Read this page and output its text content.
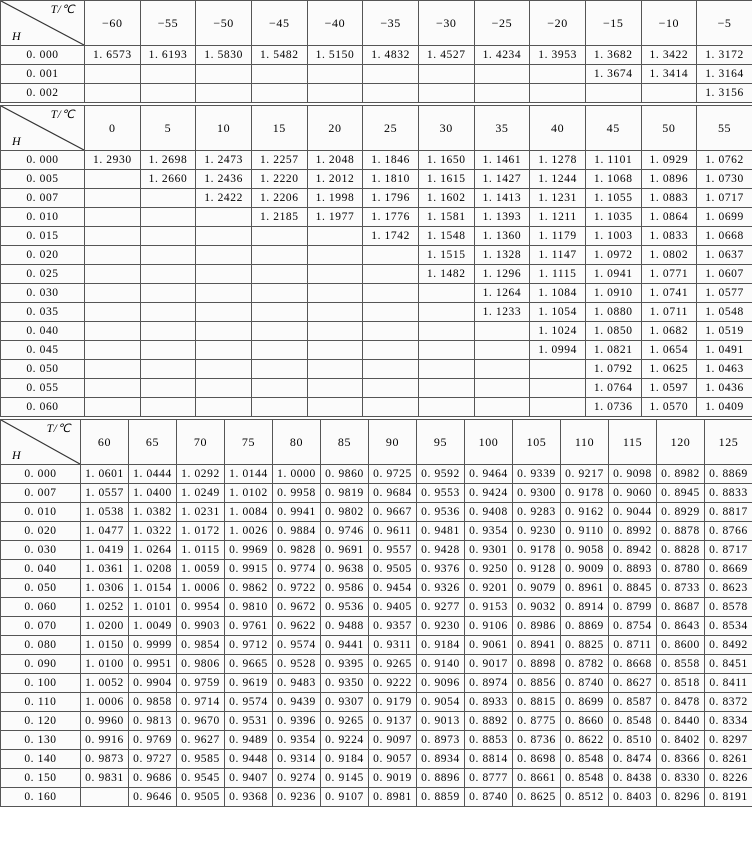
T/℃
H	−60	−55	−50	−45	−40	−35	−30	−25	−20	−15	−10	−5
0. 000	1. 6573	1. 6193	1. 5830	1. 5482	1. 5150	1. 4832	1. 4527	1. 4234	1. 3953	1. 3682	1. 3422	1. 3172
0. 001										1. 3674	1. 3414	1. 3164
0. 002												1. 3156
T/℃
H	0	5	10	15	20	25	30	35	40	45	50	55
0. 000	1. 2930	1. 2698	1. 2473	1. 2257	1. 2048	1. 1846	1. 1650	1. 1461	1. 1278	1. 1101	1. 0929	1. 0762
0. 005		1. 2660	1. 2436	1. 2220	1. 2012	1. 1810	1. 1615	1. 1427	1. 1244	1. 1068	1. 0896	1. 0730
0. 007			1. 2422	1. 2206	1. 1998	1. 1796	1. 1602	1. 1413	1. 1231	1. 1055	1. 0883	1. 0717
0. 010				1. 2185	1. 1977	1. 1776	1. 1581	1. 1393	1. 1211	1. 1035	1. 0864	1. 0699
0. 015						1. 1742	1. 1548	1. 1360	1. 1179	1. 1003	1. 0833	1. 0668
0. 020							1. 1515	1. 1328	1. 1147	1. 0972	1. 0802	1. 0637
0. 025							1. 1482	1. 1296	1. 1115	1. 0941	1. 0771	1. 0607
0. 030								1. 1264	1. 1084	1. 0910	1. 0741	1. 0577
0. 035								1. 1233	1. 1054	1. 0880	1. 0711	1. 0548
0. 040									1. 1024	1. 0850	1. 0682	1. 0519
0. 045									1. 0994	1. 0821	1. 0654	1. 0491
0. 050										1. 0792	1. 0625	1. 0463
0. 055										1. 0764	1. 0597	1. 0436
0. 060										1. 0736	1. 0570	1. 0409
T/℃
H	60	65	70	75	80	85	90	95	100	105	110	115	120	125
0. 000	1. 0601	1. 0444	1. 0292	1. 0144	1. 0000	0. 9860	0. 9725	0. 9592	0. 9464	0. 9339	0. 9217	0. 9098	0. 8982	0. 8869
0. 007	1. 0557	1. 0400	1. 0249	1. 0102	0. 9958	0. 9819	0. 9684	0. 9553	0. 9424	0. 9300	0. 9178	0. 9060	0. 8945	0. 8833
0. 010	1. 0538	1. 0382	1. 0231	1. 0084	0. 9941	0. 9802	0. 9667	0. 9536	0. 9408	0. 9283	0. 9162	0. 9044	0. 8929	0. 8817
0. 020	1. 0477	1. 0322	1. 0172	1. 0026	0. 9884	0. 9746	0. 9611	0. 9481	0. 9354	0. 9230	0. 9110	0. 8992	0. 8878	0. 8766
0. 030	1. 0419	1. 0264	1. 0115	0. 9969	0. 9828	0. 9691	0. 9557	0. 9428	0. 9301	0. 9178	0. 9058	0. 8942	0. 8828	0. 8717
0. 040	1. 0361	1. 0208	1. 0059	0. 9915	0. 9774	0. 9638	0. 9505	0. 9376	0. 9250	0. 9128	0. 9009	0. 8893	0. 8780	0. 8669
0. 050	1. 0306	1. 0154	1. 0006	0. 9862	0. 9722	0. 9586	0. 9454	0. 9326	0. 9201	0. 9079	0. 8961	0. 8845	0. 8733	0. 8623
0. 060	1. 0252	1. 0101	0. 9954	0. 9810	0. 9672	0. 9536	0. 9405	0. 9277	0. 9153	0. 9032	0. 8914	0. 8799	0. 8687	0. 8578
0. 070	1. 0200	1. 0049	0. 9903	0. 9761	0. 9622	0. 9488	0. 9357	0. 9230	0. 9106	0. 8986	0. 8869	0. 8754	0. 8643	0. 8534
0. 080	1. 0150	0. 9999	0. 9854	0. 9712	0. 9574	0. 9441	0. 9311	0. 9184	0. 9061	0. 8941	0. 8825	0. 8711	0. 8600	0. 8492
0. 090	1. 0100	0. 9951	0. 9806	0. 9665	0. 9528	0. 9395	0. 9265	0. 9140	0. 9017	0. 8898	0. 8782	0. 8668	0. 8558	0. 8451
0. 100	1. 0052	0. 9904	0. 9759	0. 9619	0. 9483	0. 9350	0. 9222	0. 9096	0. 8974	0. 8856	0. 8740	0. 8627	0. 8518	0. 8411
0. 110	1. 0006	0. 9858	0. 9714	0. 9574	0. 9439	0. 9307	0. 9179	0. 9054	0. 8933	0. 8815	0. 8699	0. 8587	0. 8478	0. 8372
0. 120	0. 9960	0. 9813	0. 9670	0. 9531	0. 9396	0. 9265	0. 9137	0. 9013	0. 8892	0. 8775	0. 8660	0. 8548	0. 8440	0. 8334
0. 130	0. 9916	0. 9769	0. 9627	0. 9489	0. 9354	0. 9224	0. 9097	0. 8973	0. 8853	0. 8736	0. 8622	0. 8510	0. 8402	0. 8297
0. 140	0. 9873	0. 9727	0. 9585	0. 9448	0. 9314	0. 9184	0. 9057	0. 8934	0. 8814	0. 8698	0. 8548	0. 8474	0. 8366	0. 8261
0. 150	0. 9831	0. 9686	0. 9545	0. 9407	0. 9274	0. 9145	0. 9019	0. 8896	0. 8777	0. 8661	0. 8548	0. 8438	0. 8330	0. 8226
0. 160		0. 9646	0. 9505	0. 9368	0. 9236	0. 9107	0. 8981	0. 8859	0. 8740	0. 8625	0. 8512	0. 8403	0. 8296	0. 8191
